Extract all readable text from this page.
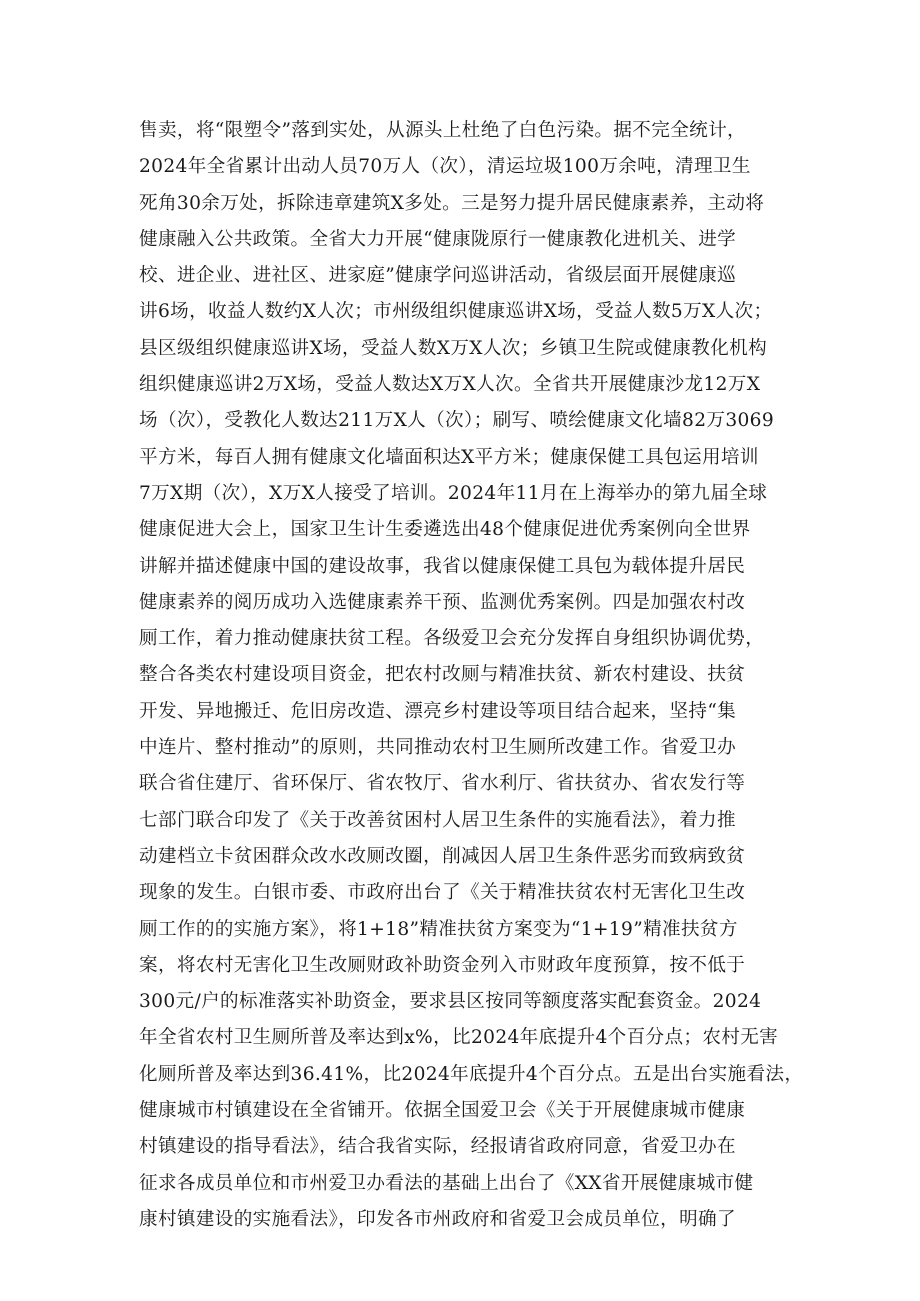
售卖，将“限塑令”落到实处，从源头上杜绝了白色污染。据不完全统计，
2024年全省累计出动人员70万人（次），清运垃圾100万余吨，清理卫生
死角30余万处，拆除违章建筑X多处。三是努力提升居民健康素养，主动将
健康融入公共政策。全省大力开展“健康陇原行一健康教化进机关、进学
校、进企业、进社区、进家庭”健康学问巡讲活动，省级层面开展健康巡
讲6场，收益人数约X人次；市州级组织健康巡讲X场，受益人数5万X人次；
县区级组织健康巡讲X场，受益人数X万X人次；乡镇卫生院或健康教化机构
组织健康巡讲2万X场，受益人数达X万X人次。全省共开展健康沙龙12万X
场（次），受教化人数达211万X人（次）；刷写、喷绘健康文化墙82万3069
平方米，每百人拥有健康文化墙面积达X平方米；健康保健工具包运用培训
7万X期（次），X万X人接受了培训。2024年11月在上海举办的第九届全球
健康促进大会上，国家卫生计生委遴选出48个健康促进优秀案例向全世界
讲解并描述健康中国的建设故事，我省以健康保健工具包为载体提升居民
健康素养的阅历成功入选健康素养干预、监测优秀案例。四是加强农村改
厕工作，着力推动健康扶贫工程。各级爱卫会充分发挥自身组织协调优势，
整合各类农村建设项目资金，把农村改厕与精准扶贫、新农村建设、扶贫
开发、异地搬迁、危旧房改造、漂亮乡村建设等项目结合起来，坚持“集
中连片、整村推动”的原则，共同推动农村卫生厕所改建工作。省爱卫办
联合省住建厅、省环保厅、省农牧厅、省水利厅、省扶贫办、省农发行等
七部门联合印发了《关于改善贫困村人居卫生条件的实施看法》，着力推
动建档立卡贫困群众改水改厕改圈，削减因人居卫生条件恶劣而致病致贫
现象的发生。白银市委、市政府出台了《关于精准扶贫农村无害化卫生改
厕工作的的实施方案》，将1+18”精准扶贫方案变为“1+19”精准扶贫方
案，将农村无害化卫生改厕财政补助资金列入市财政年度预算，按不低于
300元/户的标准落实补助资金，要求县区按同等额度落实配套资金。2024
年全省农村卫生厕所普及率达到x%，比2024年底提升4个百分点；农村无害
化厕所普及率达到36.41%，比2024年底提升4个百分点。五是出台实施看法，
健康城市村镇建设在全省铺开。依据全国爱卫会《关于开展健康城市健康
村镇建设的指导看法》，结合我省实际，经报请省政府同意，省爱卫办在
征求各成员单位和市州爱卫办看法的基础上出台了《XX省开展健康城市健
康村镇建设的实施看法》，印发各市州政府和省爱卫会成员单位，明确了
